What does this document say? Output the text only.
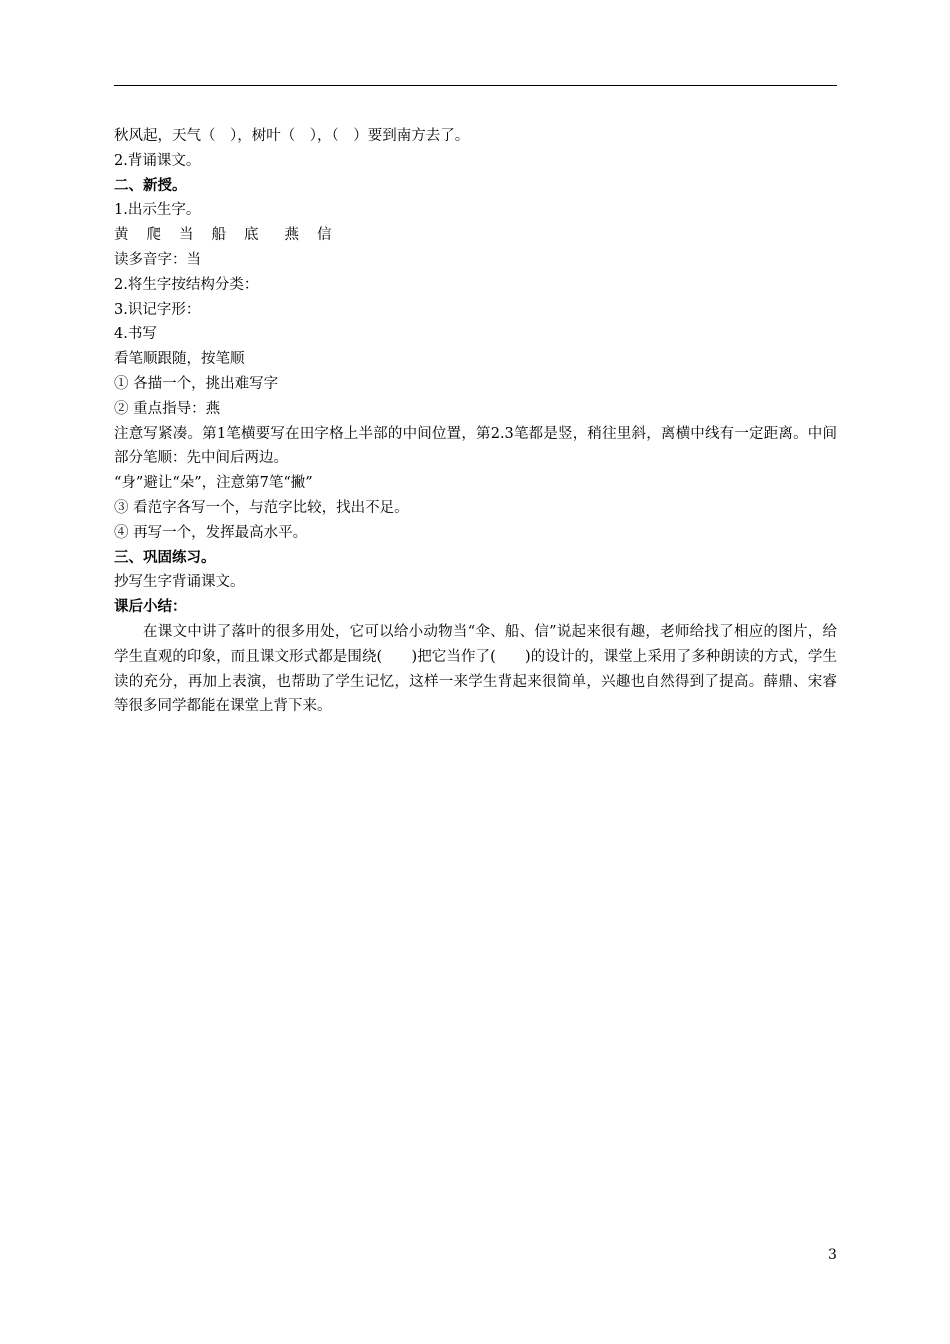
秋风起，天气（　），树叶（　），（　）要到南方去了。
2.背诵课文。
二、新授。
1.出示生字。
黄 爬 当 船 底 燕 信
读多音字：当
2.将生字按结构分类：
3.识记字形：
4.书写
看笔顺跟随，按笔顺
① 各描一个，挑出难写字
② 重点指导：燕
注意写紧凑。第1笔横要写在田字格上半部的中间位置，第2.3笔都是竖，稍往里斜，离横中线有一定距离。中间部分笔顺：先中间后两边。
“身”避让“朵”，注意第7笔“撇”
③ 看范字各写一个，与范字比较，找出不足。
④ 再写一个，发挥最高水平。
三、巩固练习。
抄写生字背诵课文。
课后小结：
在课文中讲了落叶的很多用处，它可以给小动物当“伞、船、信”说起来很有趣，老师给找了相应的图片，给学生直观的印象，而且课文形式都是围绕(　　)把它当作了(　　)的设计的，课堂上采用了多种朗读的方式，学生读的充分，再加上表演，也帮助了学生记忆，这样一来学生背起来很简单，兴趣也自然得到了提高。薛鼎、宋睿等很多同学都能在课堂上背下来。
3
